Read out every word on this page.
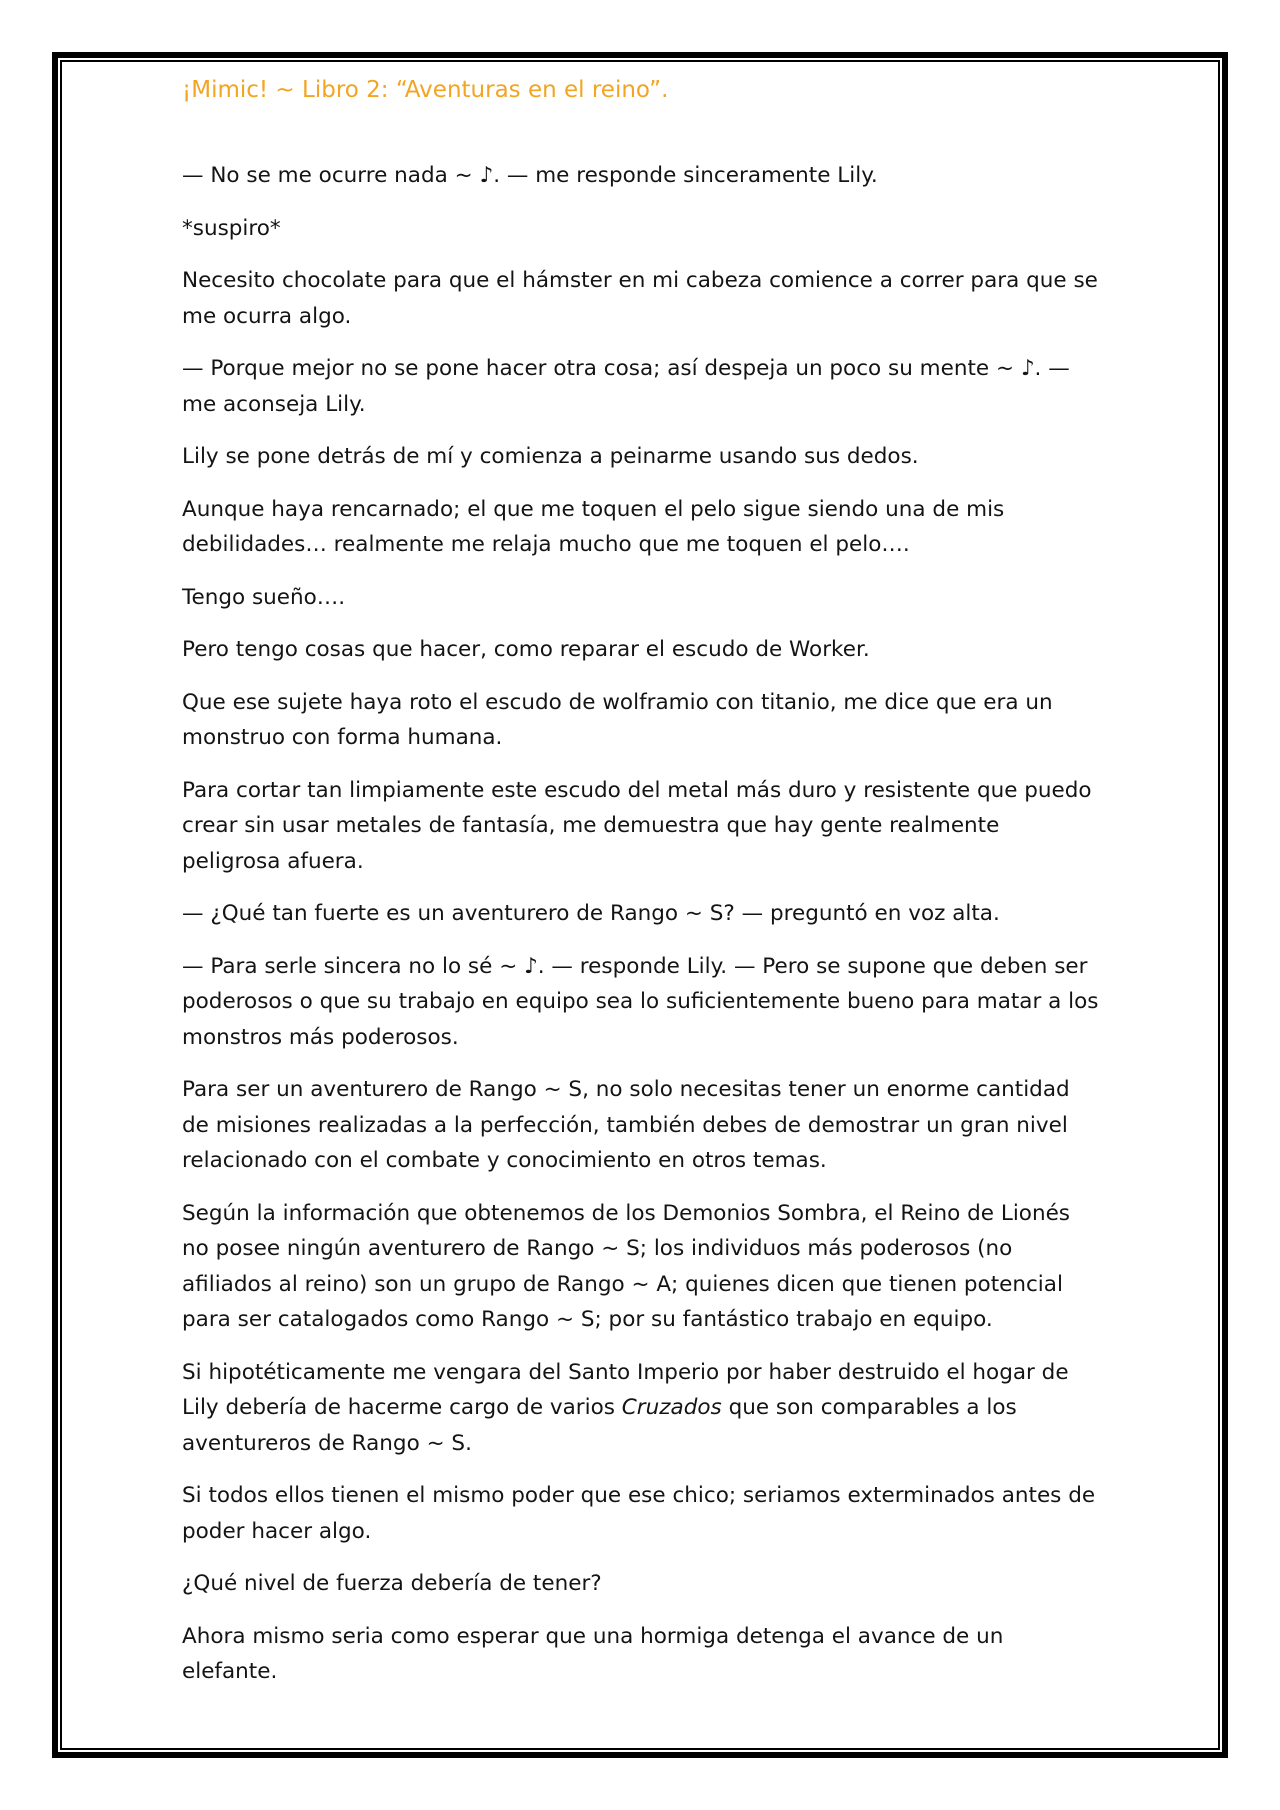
¡Mimic! ~ Libro 2: “Aventuras en el reino”.

— No se me ocurre nada ~ ♪. — me responde sinceramente Lily.

*suspiro*

Necesito chocolate para que el hámster en mi cabeza comience a correr para que se me ocurra algo.

— Porque mejor no se pone hacer otra cosa; así despeja un poco su mente ~ ♪. — me aconseja Lily.

Lily se pone detrás de mí y comienza a peinarme usando sus dedos.

Aunque haya rencarnado; el que me toquen el pelo sigue siendo una de mis debilidades… realmente me relaja mucho que me toquen el pelo….

Tengo sueño….

Pero tengo cosas que hacer, como reparar el escudo de Worker.

Que ese sujete haya roto el escudo de wolframio con titanio, me dice que era un monstruo con forma humana.

Para cortar tan limpiamente este escudo del metal más duro y resistente que puedo crear sin usar metales de fantasía, me demuestra que hay gente realmente peligrosa afuera.

— ¿Qué tan fuerte es un aventurero de Rango ~ S? — preguntó en voz alta.

— Para serle sincera no lo sé ~ ♪. — responde Lily. — Pero se supone que deben ser poderosos o que su trabajo en equipo sea lo suficientemente bueno para matar a los monstros más poderosos.

Para ser un aventurero de Rango ~ S, no solo necesitas tener un enorme cantidad de misiones realizadas a la perfección, también debes de demostrar un gran nivel relacionado con el combate y conocimiento en otros temas.

Según la información que obtenemos de los Demonios Sombra, el Reino de Lionés no posee ningún aventurero de Rango ~ S; los individuos más poderosos (no afiliados al reino) son un grupo de Rango ~ A; quienes dicen que tienen potencial para ser catalogados como Rango ~ S; por su fantástico trabajo en equipo.

Si hipotéticamente me vengara del Santo Imperio por haber destruido el hogar de Lily debería de hacerme cargo de varios Cruzados que son comparables a los aventureros de Rango ~ S.

Si todos ellos tienen el mismo poder que ese chico; seriamos exterminados antes de poder hacer algo.

¿Qué nivel de fuerza debería de tener?

Ahora mismo seria como esperar que una hormiga detenga el avance de un elefante.
